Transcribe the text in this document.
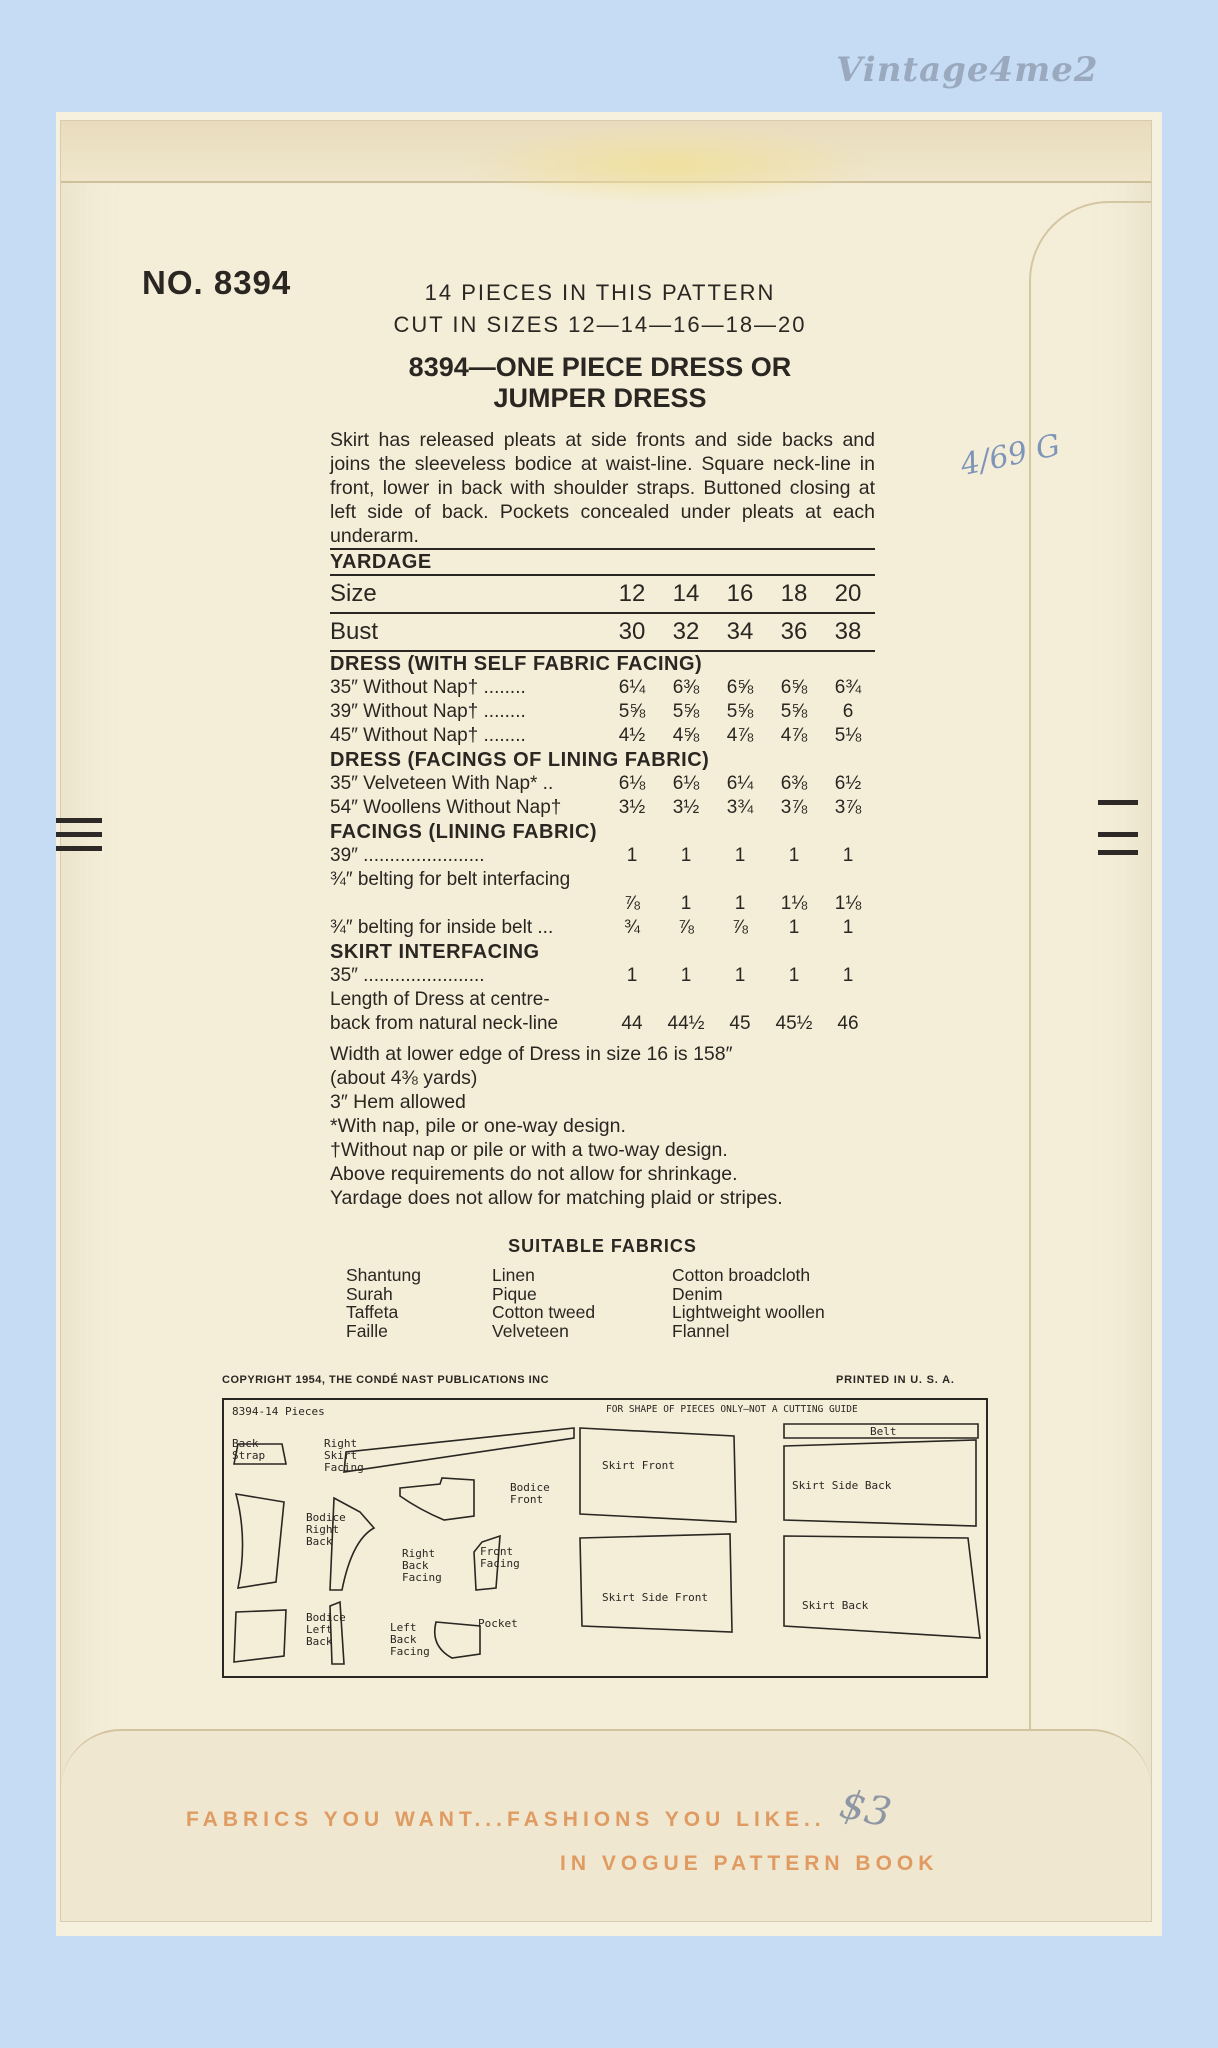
Vintage4me2
NO. 8394	14 PIECES IN THIS PATTERN
CUT IN SIZES 12—14—16—18—20
8394—ONE PIECE DRESS OR
JUMPER DRESS
Skirt has released pleats at side fronts and side backs and joins the sleeveless bodice at waist-line. Square neck-line in front, lower in back with shoulder straps. Buttoned closing at left side of back. Pockets concealed under pleats at each underarm.
YARDAGE
Size	12	14	16	18	20
Bust	30	32	34	36	38
DRESS (WITH SELF FABRIC FACING)
35″ Without Nap† ........	6¼	6⅜	6⅝	6⅝	6¾
39″ Without Nap† ........	5⅝	5⅝	5⅝	5⅝	6
45″ Without Nap† ........	4½	4⅝	4⅞	4⅞	5⅛
DRESS (FACINGS OF LINING FABRIC)
35″ Velveteen With Nap* ..	6⅛	6⅛	6¼	6⅜	6½
54″ Woollens Without Nap†	3½	3½	3¾	3⅞	3⅞
FACINGS (LINING FABRIC)
39″ .......................	1	1	1	1	1
¾″ belting for belt interfacing
⅞	1	1	1⅛	1⅛
¾″ belting for inside belt ...	¾	⅞	⅞	1	1
SKIRT INTERFACING
35″ .......................	1	1	1	1	1
Length of Dress at centre-
back from natural neck-line	44	44½	45	45½	46
Width at lower edge of Dress in size 16 is 158″
(about 4⅜ yards)
3″ Hem allowed
*With nap, pile or one-way design.
†Without nap or pile or with a two-way design.
Above requirements do not allow for shrinkage.
Yardage does not allow for matching plaid or stripes.
SUITABLE FABRICS
Shantung
Surah
Taffeta
Faille
Linen
Pique
Cotton tweed
Velveteen
Cotton broadcloth
Denim
Lightweight woollen
Flannel
COPYRIGHT 1954, THE CONDÉ NAST PUBLICATIONS INC	PRINTED IN U. S. A.
8394-14 Pieces	FOR SHAPE OF PIECES ONLY—NOT A CUTTING GUIDE
Back
Strap
Right
Skirt
Facing
Bodice
Front
Skirt Front
Belt
Skirt Side Back
Bodice
Right
Back
Right
Back
Facing
Front
Facing
Skirt Side Front
Skirt Back
Bodice
Left
Back
Left
Back
Facing
Pocket
FABRICS YOU WANT...FASHIONS YOU LIKE..
IN VOGUE PATTERN BOOK
4/69 G
$3
